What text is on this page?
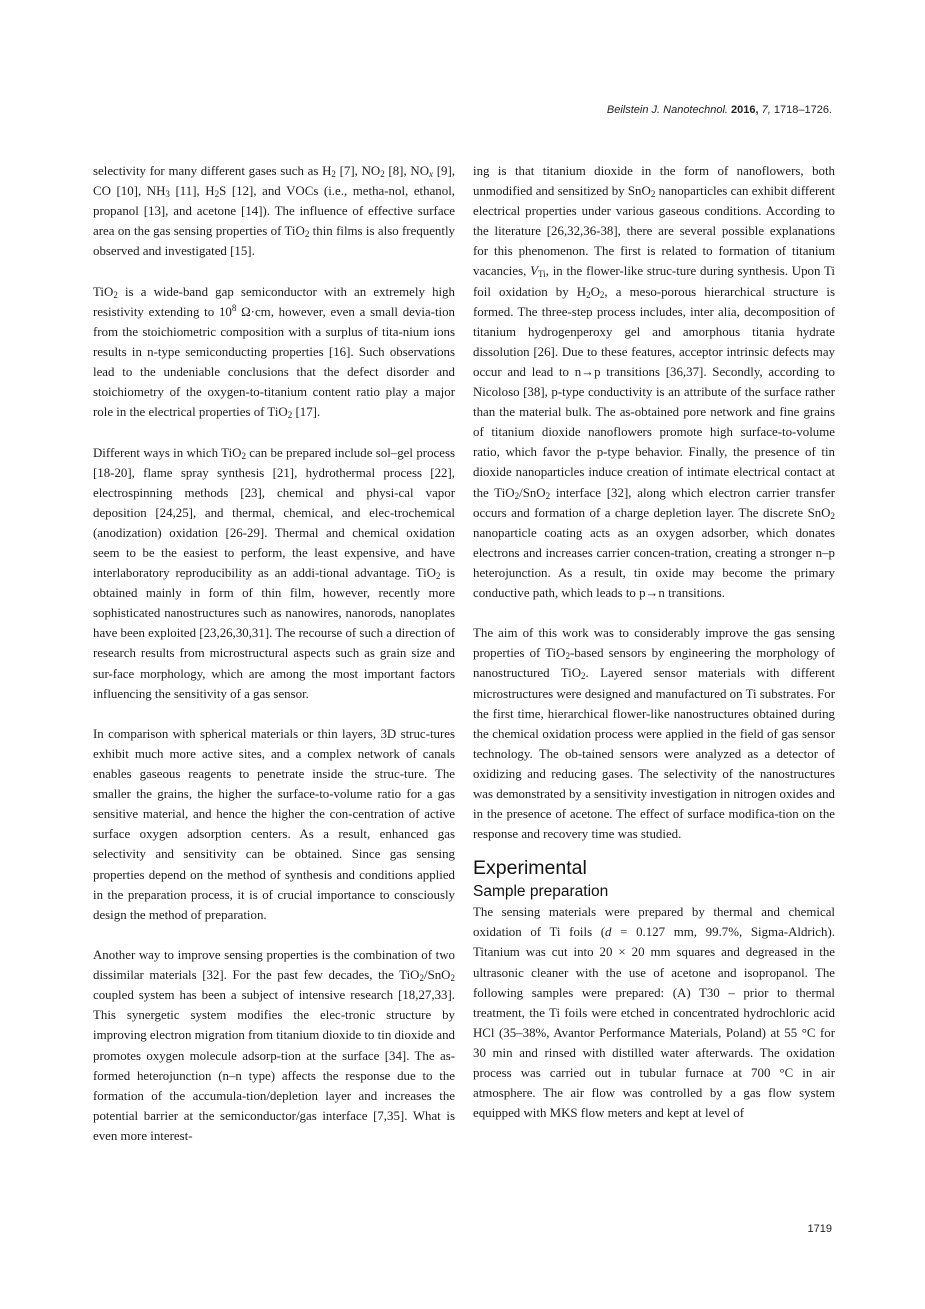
Beilstein J. Nanotechnol. 2016, 7, 1718–1726.

selectivity for many different gases such as $H_2$ [7], $NO_2$ [8], $NO_x$ [9], CO [10], $NH_3$ [11], $H_2S$ [12], and VOCs (i.e., metha-nol, ethanol, propanol [13], and acetone [14]). The influence of effective surface area on the gas sensing properties of TiO$_2$ thin films is also frequently observed and investigated [15].

TiO$_2$ is a wide-band gap semiconductor with an extremely high resistivity extending to $10^8$ Ω·cm, however, even a small devia-tion from the stoichiometric composition with a surplus of tita-nium ions results in n-type semiconducting properties [16]. Such observations lead to the undeniable conclusions that the defect disorder and stoichiometry of the oxygen-to-titanium content ratio play a major role in the electrical properties of TiO$_2$ [17].

Different ways in which TiO$_2$ can be prepared include sol–gel process [18-20], flame spray synthesis [21], hydrothermal process [22], electrospinning methods [23], chemical and physi-cal vapor deposition [24,25], and thermal, chemical, and elec-trochemical (anodization) oxidation [26-29]. Thermal and chemical oxidation seem to be the easiest to perform, the least expensive, and have interlaboratory reproducibility as an addi-tional advantage. TiO$_2$ is obtained mainly in form of thin film, however, recently more sophisticated nanostructures such as nanowires, nanorods, nanoplates have been exploited [23,26,30,31]. The recourse of such a direction of research results from microstructural aspects such as grain size and sur-face morphology, which are among the most important factors influencing the sensitivity of a gas sensor.

In comparison with spherical materials or thin layers, 3D struc-tures exhibit much more active sites, and a complex network of canals enables gaseous reagents to penetrate inside the struc-ture. The smaller the grains, the higher the surface-to-volume ratio for a gas sensitive material, and hence the higher the con-centration of active surface oxygen adsorption centers. As a result, enhanced gas selectivity and sensitivity can be obtained. Since gas sensing properties depend on the method of synthesis and conditions applied in the preparation process, it is of crucial importance to consciously design the method of preparation.

Another way to improve sensing properties is the combination of two dissimilar materials [32]. For the past few decades, the TiO$_2$/SnO$_2$ coupled system has been a subject of intensive research [18,27,33]. This synergetic system modifies the elec-tronic structure by improving electron migration from titanium dioxide to tin dioxide and promotes oxygen molecule adsorp-tion at the surface [34]. The as-formed heterojunction (n–n type) affects the response due to the formation of the accumula-tion/depletion layer and increases the potential barrier at the semiconductor/gas interface [7,35]. What is even more interest-

ing is that titanium dioxide in the form of nanoflowers, both unmodified and sensitized by SnO$_2$ nanoparticles can exhibit different electrical properties under various gaseous conditions. According to the literature [26,32,36-38], there are several possible explanations for this phenomenon. The first is related to formation of titanium vacancies, $V_{Ti}$, in the flower-like struc-ture during synthesis. Upon Ti foil oxidation by $H_2O_2$, a meso-porous hierarchical structure is formed. The three-step process includes, inter alia, decomposition of titanium hydrogenperoxy gel and amorphous titania hydrate dissolution [26]. Due to these features, acceptor intrinsic defects may occur and lead to n→p transitions [36,37]. Secondly, according to Nicoloso [38], p-type conductivity is an attribute of the surface rather than the material bulk. The as-obtained pore network and fine grains of titanium dioxide nanoflowers promote high surface-to-volume ratio, which favor the p-type behavior. Finally, the presence of tin dioxide nanoparticles induce creation of intimate electrical contact at the TiO$_2$/SnO$_2$ interface [32], along which electron carrier transfer occurs and formation of a charge depletion layer. The discrete SnO$_2$ nanoparticle coating acts as an oxygen adsorber, which donates electrons and increases carrier concen-tration, creating a stronger n–p heterojunction. As a result, tin oxide may become the primary conductive path, which leads to p→n transitions.

The aim of this work was to considerably improve the gas sensing properties of TiO$_2$-based sensors by engineering the morphology of nanostructured TiO$_2$. Layered sensor materials with different microstructures were designed and manufactured on Ti substrates. For the first time, hierarchical flower-like nanostructures obtained during the chemical oxidation process were applied in the field of gas sensor technology. The ob-tained sensors were analyzed as a detector of oxidizing and reducing gases. The selectivity of the nanostructures was demonstrated by a sensitivity investigation in nitrogen oxides and in the presence of acetone. The effect of surface modifica-tion on the response and recovery time was studied.

Experimental
Sample preparation

The sensing materials were prepared by thermal and chemical oxidation of Ti foils (d = 0.127 mm, 99.7%, Sigma-Aldrich). Titanium was cut into 20 × 20 mm squares and degreased in the ultrasonic cleaner with the use of acetone and isopropanol. The following samples were prepared: (A) T30 – prior to thermal treatment, the Ti foils were etched in concentrated hydrochloric acid HCl (35–38%, Avantor Performance Materials, Poland) at 55 °C for 30 min and rinsed with distilled water afterwards. The oxidation process was carried out in tubular furnace at 700 °C in air atmosphere. The air flow was controlled by a gas flow system equipped with MKS flow meters and kept at level of

1719
